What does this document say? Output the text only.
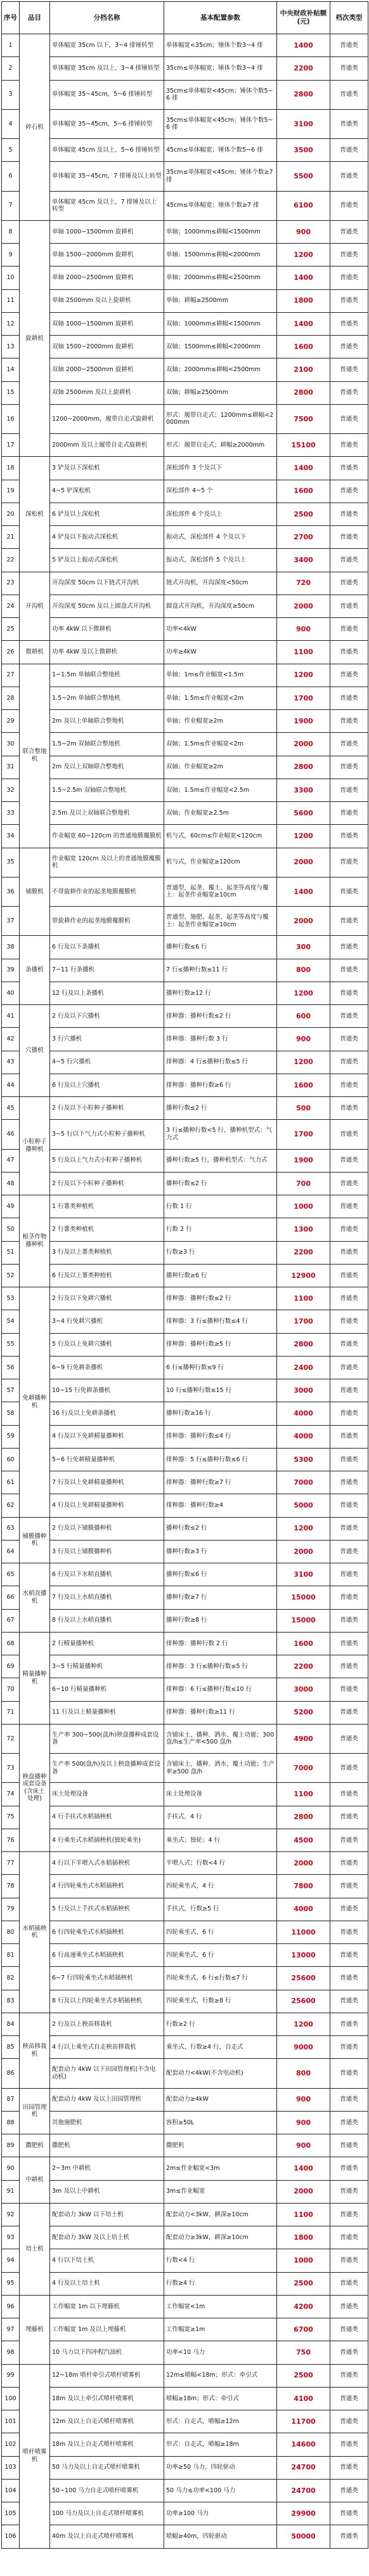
序号	品目	分档名称	基本配置参数	中央财政补贴额(元)	档次类型
1	碎石机	单体幅宽 35cm 以下，3~4 排锤转型	单体幅宽<35cm；锤体个数3~4 排	1400	普通类
2		单体幅宽 35cm 及以上，3~4 排锤转型	35cm≤单体幅宽；锤体个数3~4 排	2200	普通类
3		单体幅宽 35~45cm，5~6 排锤转型	35cm≤单体幅宽<45cm；锤体个数5~6 排	2800	普通类
4		单体幅宽 35~45cm，5~6 排锤转型	35cm≤单体幅宽<45cm；锤体个数5~6 排	3100	普通类
5		单体幅宽 45cm 及以上，5~6 排锤转型	45cm≤单体幅宽；锤体个数5~6 排	3500	普通类
6		单体幅宽 35~45cm，7 排锤及以上转型	35cm≤单体幅宽<45cm；锤体个数≥7 排	5500	普通类
7		单体幅宽 45cm 及以上，7 排锤及以上转型	45cm≤单体幅宽；锤体个数≥7 排	6100	普通类
8	旋耕机	单轴 1000~1500mm 旋耕机	单轴；1000mm≤耕幅<1500mm	900	普通类
9		单轴 1500~2000mm 旋耕机	单轴；1500mm≤耕幅<2000mm	1200	普通类
10		单轴 2000~2500mm 旋耕机	单轴；2000mm≤耕幅<2500mm	1400	普通类
11		单轴 2500mm 及以上旋耕机	单轴；耕幅≥2500mm	1800	普通类
12		双轴 1000~1500mm 旋耕机	双轴；1000mm≤耕幅<1500mm	1400	普通类
13		双轴 1500~2000mm 旋耕机	双轴；1500mm≤耕幅<2000mm	1600	普通类
14		双轴 2000~2500mm 旋耕机	双轴；2000mm≤耕幅<2500mm	2100	普通类
15		双轴 2500mm 及以上旋耕机	双轴；耕幅≥2500mm	2800	普通类
16		1200~2000mm，履带自走式旋耕机	形式：履带自走式；1200mm≤耕幅<2000mm	7500	普通类
17		2000mm 及以上履带自走式旋耕机	形式：履带自走式；耕幅≥2000mm	15100	普通类
18	深松机	3 铲及以下深松机	深松部件 3 个及以下	1400	普通类
19		4~5 铲深松机	深松部件 4~5 个	1600	普通类
20		6 铲及以上深松机	深松部件 6 个及以上	2500	普通类
21		4 铲及以下振动式深松机	振动式，深松部件 4 个及以下	2700	普通类
22		5 铲及以上振动式深松机	振动式，深松部件 5 个及以上	3400	普通类
23	开沟机	开沟深度 50cm 以下链式开沟机	链式开沟机，开沟深度<50cm	720	普通类
24		开沟深度 50cm 及以上圆盘式开沟机	圆盘式开沟机，开沟深度≥50cm	2000	普通类
25		功率 4kW 以下微耕机	功率<4kW	900	普通类
26	微耕机	功率 4kW 及以上微耕机	功率≥4kW	1100	普通类
27	联合整地机	1~1.5m 单轴联合整地机	单轴；1m≤作业幅宽<1.5m	1200	普通类
28		1.5~2m 单轴联合整地机	单轴；1.5m≤作业幅宽<2m	1700	普通类
29		2m 及以上单轴联合整地机	单轴；作业幅宽≥2m	1900	普通类
30		1.5~2m 双轴联合整地机	双轴；1.5m≤作业幅宽<2m	2000	普通类
31		2m 及以上双轴联合整地机	双轴；作业幅宽≥2m	2800	普通类
32		1.5~2.5m 双轴联合整地机	双轴；1.5m≤作业幅宽<2.5m	3300	普通类
33		2.5m 及以上双轴联合整地机	双轴；作业幅宽≥2.5m	5600	普通类
34		作业幅宽 60~120cm 的普通地膜覆膜机	机与式，60cm≤作业幅宽<120cm	1200	普通类
35	铺膜机	作业幅宽 120cm 及以上的普通地膜覆膜机	机与式，作业幅宽≥120cm	2000	普通类
36		不带旋耕作业的起垄地膜覆膜机	普通型，起垄、覆土、起垄等高度与覆土：起垄作业幅宽≥10cm	1400	普通类
37		带旋耕作业的起垄地膜覆膜机	普通型，施肥、起垄、起垄等高度与覆土：起垄作业幅宽≥10cm	2000	普通类
38	条播机	6 行及以下条播机	播种行数≤6 行	300	普通类
39		7~11 行条播机	7 行≤播种行数≤11 行	800	普通类
40		12 行及以上条播机	播种行数≥12 行	1200	普通类
41	穴播机	2 行及以下穴播机	排种器：播种行数≤2 行	600	普通类
42		3 行穴播机	排种器：播种行数 3 行	900	普通类
43		4~5 行穴播机	排种器：4 行≤播种行数≤5 行	1200	普通类
44		6 行及以上穴播机	排种器：播种行数≥6 行	1600	普通类
45	小粒种子播种机	2 行及以下小粒种子播种机	播种行数≤2 行	500	普通类
46		3~5 行以下气力式小粒种子播种机	3 行≤播种行数<5 行，播种机型式：气力式	1700	普通类
47		5 行及以上气力式小粒种子播种机	播种行数≥5 行，播种机型式：气力式	1900	普通类
48		2 行及以下小粒种子播种机	播种行数≤2 行	700	普通类
49	根茎作物播种机	1 行薯类种植机	行数 1 行	1000	普通类
50		2 行薯类种植机	行数 2 行	1300	普通类
51		3 行及以上薯类种植机	行数≥3 行	2200	普通类
52		6 行及以上薯类种植机	播种行数≥6 行	12900	普通类
53	免耕播种机	2 行及以下免耕穴播机	排种器：播种行数≤2 行	1100	普通类
54		3~4 行免耕穴播机	排种器：3 行≤播种行数≤4 行	1700	普通类
55		5 行及以上免耕穴播机	排种器：播种行数≥5 行	2800	普通类
56		6~9 行免耕条播机	6 行≤播种行数≤9 行	2400	普通类
57		10~15 行免耕条播机	10 行≤播种行数≤15 行	3000	普通类
58		16 行及以上免耕条播机	播种行数≥16 行	4000	普通类
59		4 行及以下免耕精量播种机	排种器：播种行数≤4 行	4000	普通类
60		5~6 行免耕精量播种机	排种器：5 行≤播种行数≤6 行	5300	普通类
61		7 行及以上免耕精量播种机	排种器：播种行数≥7 行	7000	普通类
62		4 行及以上免耕精量播种机	排种器：播种行数≥4	5000	普通类
63	铺膜播种机	2 行及以下铺膜播种机	播种行数≤2 行	1200	普通类
64		3 行及以上铺膜播种机	播种行数≥3 行	2000	普通类
65	水稻直播机	6 行及以下水稻直播机	播种行数≤6 行	3100	普通类
66		7 行及以上水稻直播机	播种行数≥7 行	15000	普通类
67		8 行及以上水稻直播机	播种行数≥8 行	15000	普通类
68	精量播种机	2 行精量播种机	排种器：播种行数 2 行	1600	普通类
69		3~5 行精量播种机	排种器：3 行≤播种行数≤5 行	2200	普通类
70		6~10 行精量播种机	排种器：6 行≤播种行数≤10 行	3000	普通类
71		11 行及以上精量播种机	排种器：播种行数≥11 行	5200	普通类
72	秧盘播种成套设备(含床土处理)	生产率 300~500(盘/h)秧盘播种成套设备	含铺床土、播种、洒水、覆土功能；300盘/h≤生产率<500 盘/h	4900	普通类
73		生产率 500(盘/h)及以上秧盘播种成套设备	含铺床土、播种、洒水、覆土功能；生产率≥500 盘/h	7000	普通类
74		床土处理设备	床土处理设备	1100	普通类
75		4 行手扶式水稻插秧机	手扶式，4 行	2800	普通类
76		4 行乘坐式水稻插秧机(独轮乘坐)	乘坐式；独轮；4 行	4500	普通类
77	水稻插秧机	4 行以下半喂入式水稻插秧机	半喂入式；行数<4 行	2000	普通类
78		4 行四轮乘坐式水稻插秧机	四轮乘坐式，4 行	7800	普通类
79		5 行及以上手扶式水稻插秧机	手扶式，行数≥5 行	4000	普通类
80		6 行四轮乘坐式水稻插秧机	四轮乘坐式，6 行	11000	普通类
81		6 行高速乘坐式水稻插秧机	四轮乘坐式，6 行	13000	普通类
82		6~7 行四轮乘坐式水稻插秧机	四轮乘坐式，6 行≤行数≤7 行	25600	普通类
83		8 行及以上四轮乘坐式水稻插秧机	四轮乘坐式，行数≥8 行	25600	普通类
84	秧苗移栽机	2 行及以上秧苗移栽机	行数≥2 行	1200	普通类
85		4 行以上乘坐式自走秧苗移栽机	乘坐式，行数≥4 行，自走式	9000	普通类
86		配套动力 4kW 以下田园管理机(不含电动机)	配套动力<4kW(不含电动机)	800	普通类
87	田园管理机	配套动力 4kW 及以上田园管理机	配套动力≥4kW	900	普通类
88		其他施肥机	容积≥50L	900	普通类
89	撒肥机	撒肥机	撒肥机	900	普通类
90	中耕机	2~3m 中耕机	2m≤作业幅宽<3m	1400	普通类
91		3m 及以上中耕机	3m≤作业幅宽	2000	普通类
92	培土机	配套动力 3kW 以下培土机	配套动力<3kW，耕深≥10cm	1100	普通类
93		配套动力 3kW 及以上培土机	配套动力≥3kW，耕深≥10cm	1800	普通类
94		4 行以下培土机	行数<4 行	1000	普通类
95		4 行及以上培土机	行数≥4 行	2500	普通类
96	埋藤机	工作幅宽 1m 以下埋藤机	工作幅宽<1m	4200	普通类
97		工作幅宽 1m 及以上埋藤机	工作幅宽≥1m	6700	普通类
98		10 马力以下四冲程汽油机	功率<10 马力	750	普通类
99	喷杆喷雾机	12~18m 喷杆牵引式喷杆喷雾机	12m≤喷幅<18m；形式：牵引式	2500	普通类
100		18m 及以上牵引式喷杆喷雾机	喷幅≥18m；形式：牵引式	4100	普通类
101		12m 及以上自走式喷杆喷雾机	形式：自走式，喷幅≥12m	11700	普通类
102		18m 及以上自走式喷杆喷雾机	形式：自走式，喷幅≥18m	14600	普通类
103		50 马力及以上自走式喷杆喷雾机	功率≥50 马力，四轮驱动	24700	普通类
104		50~100 马力自走式喷杆喷雾机	50 马力≤功率<100 马力	24700	普通类
105		100 马力及以上自走式喷杆喷雾机	功率≥100 马力	29900	普通类
106		40m 及以上自走式喷杆喷雾机	喷幅≥40m，四轮驱动	50000	普通类
